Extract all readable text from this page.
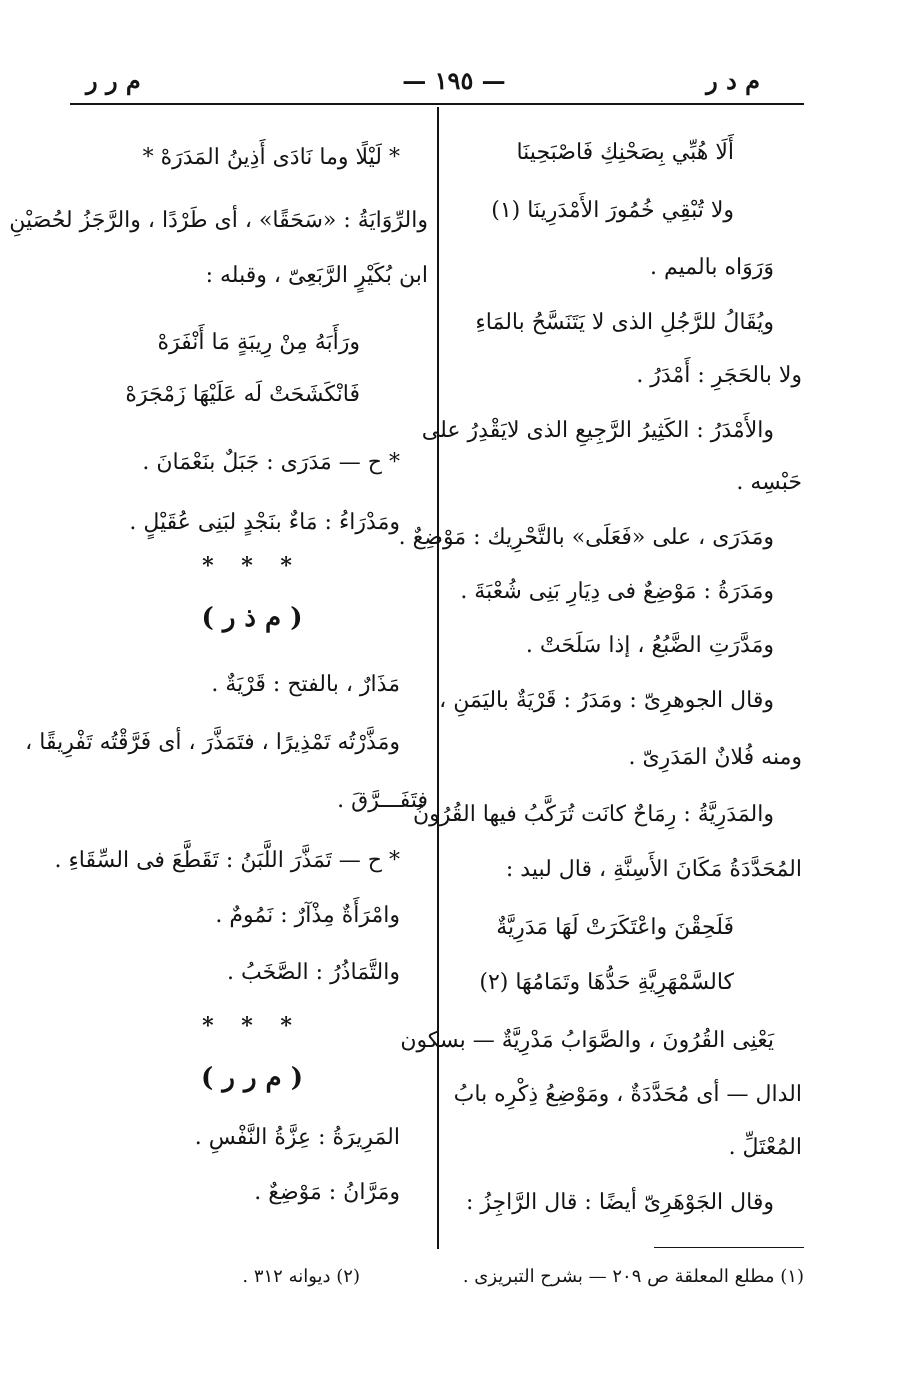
م د ر
— ١٩٥ —
م ر ر
أَلَا هُبِّي بِصَحْنِكِ فَاصْبَحِينَا
ولا تُبْقِي خُمُورَ الأَمْدَرِينَا (١)
وَرَوَاه بالميم .
ويُقَالُ للرَّجُلِ الذى لا يَتَنَسَّحُ بالمَاءِ
ولا بالحَجَرِ : أَمْدَرُ .
والأَمْدَرُ : الكَثِيرُ الرَّجِيعِ الذى لايَقْدِرُ على
حَبْسِه .
ومَدَرَى ، على «فَعَلَى» بالتَّحْرِيك : مَوْضِعٌ .
ومَدَرَةُ : مَوْضِعٌ فى دِيَارِ بَنِى شُعْبَةَ .
ومَدَّرَتِ الضَّبُعُ ، إذا سَلَحَتْ .
وقال الجوهرِىّ : ومَدَرُ : قَرْيَةٌ باليَمَنِ ،
ومنه فُلانٌ المَدَرِىّ .
والمَدَرِيَّةُ : رِمَاحٌ كانَت تُرَكَّبُ فيها القُرُونُ
المُحَدَّدَةُ مَكَانَ الأَسِنَّةِ ، قال لبيد :
فَلَحِقْنَ واعْتَكَرَتْ لَهَا مَدَرِيَّةٌ
كالسَّمْهَرِيَّةِ حَدُّهَا وتَمَامُهَا (٢)
يَعْنِى القُرُونَ ، والصَّوَابُ مَدْرِيَّةٌ — بسكون
الدال — أى مُحَدَّدَةٌ ، ومَوْضِعُ ذِكْرِه بابُ
المُعْتَلِّ .
وقال الجَوْهَرِىّ أيضًا : قال الرَّاجِزُ :
* لَيْلًا وما نَادَى أَذِينُ المَدَرَهْ *
والرِّوَايَةُ : «سَحَقًا» ، أى طَرْدًا ، والرَّجَزُ لحُصَيْنِ
ابن بُكَيْرٍ الرَّبَعِىّ ، وقبله :
ورَأَبَهُ مِنْ رِيبَةٍ مَا أَنْفَرَهْ
فَانْكَشَحَتْ لَه عَلَيْهَا زَمْجَرَهْ
* ح — مَدَرَى : جَبَلٌ بنَعْمَانَ .
ومَدْرَاءُ : مَاءٌ بنَجْدٍ لبَنِى عُقَيْلٍ .
* * *
( م ذ ر )
مَذَارٌ ، بالفتح : قَرْيَةٌ .
ومَذَّرْتُه تَمْذِيرًا ، فتَمَذَّرَ ، أى فَرَّقْتُه تَفْرِيقًا ،
فتَفَـــرَّقَ .
* ح — تَمَذَّرَ اللَّبَنُ : تَقَطَّعَ فى السِّقَاءِ .
وامْرَأَةٌ مِذْآرٌ : نَمُومٌ .
والتَّمَاذُرُ : الصَّخَبُ .
* * *
( م ر ر )
المَرِيرَةُ : عِزَّةُ النَّفْسِ .
ومَرَّانُ : مَوْضِعٌ .
(١) مطلع المعلقة ص ٢٠٩ — بشرح التبريزى .
(٢) ديوانه ٣١٢ .
